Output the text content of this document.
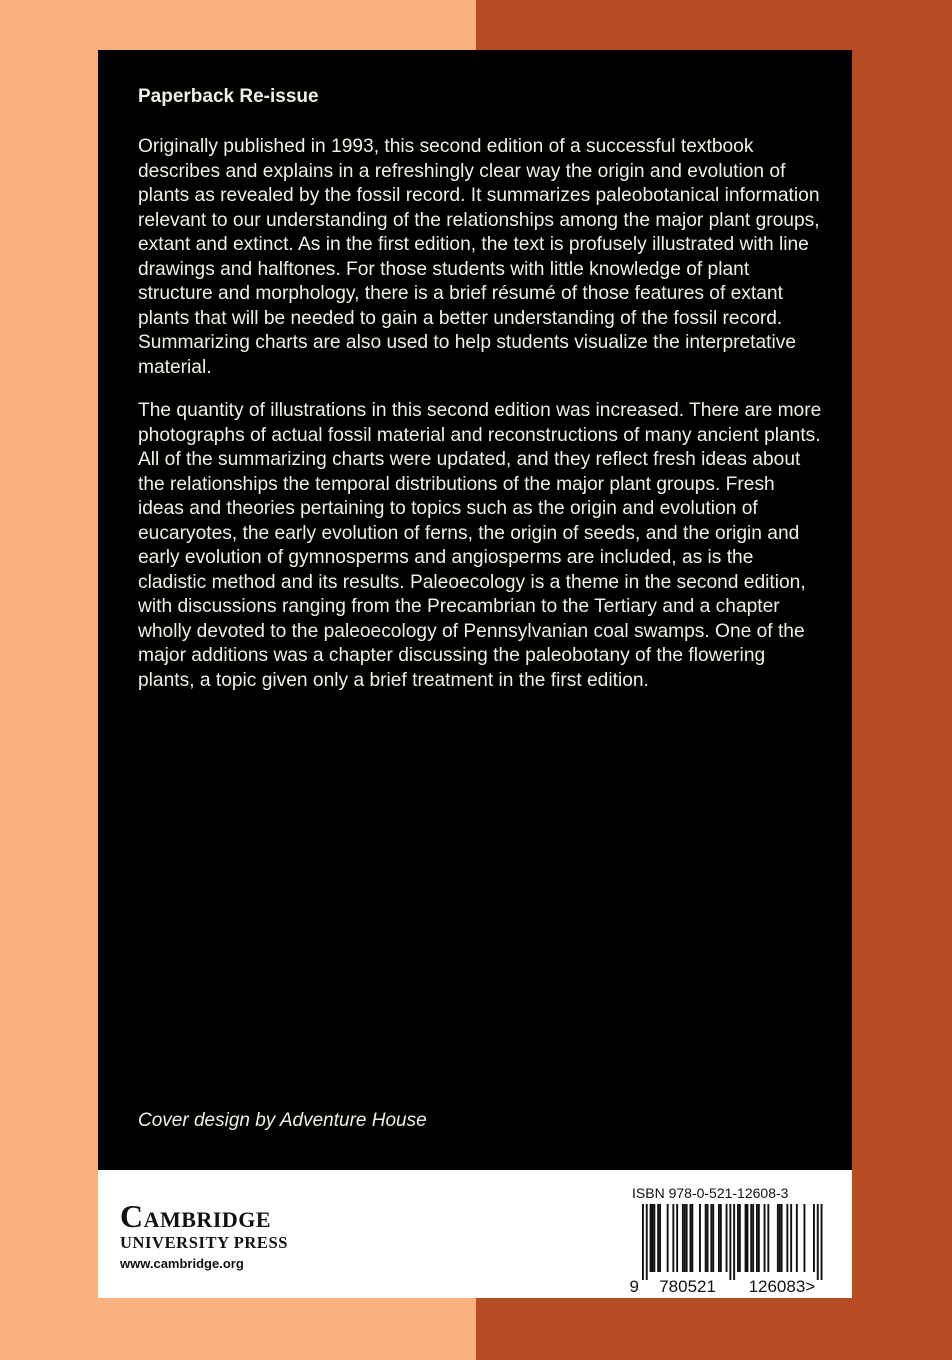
Paperback Re-issue

Originally published in 1993, this second edition of a successful textbook describes and explains in a refreshingly clear way the origin and evolution of plants as revealed by the fossil record. It summarizes paleobotanical information relevant to our understanding of the relationships among the major plant groups, extant and extinct. As in the first edition, the text is profusely illustrated with line drawings and halftones. For those students with little knowledge of plant structure and morphology, there is a brief résumé of those features of extant plants that will be needed to gain a better understanding of the fossil record. Summarizing charts are also used to help students visualize the interpretative material.

The quantity of illustrations in this second edition was increased. There are more photographs of actual fossil material and reconstructions of many ancient plants. All of the summarizing charts were updated, and they reflect fresh ideas about the relationships the temporal distributions of the major plant groups. Fresh ideas and theories pertaining to topics such as the origin and evolution of eucaryotes, the early evolution of ferns, the origin of seeds, and the origin and early evolution of gymnosperms and angiosperms are included, as is the cladistic method and its results. Paleoecology is a theme in the second edition, with discussions ranging from the Precambrian to the Tertiary and a chapter wholly devoted to the paleoecology of Pennsylvanian coal swamps. One of the major additions was a chapter discussing the paleobotany of the flowering plants, a topic given only a brief treatment in the first edition.

Cover design by Adventure House

Cambridge
UNIVERSITY PRESS
www.cambridge.org
ISBN 978-0-521-12608-3
9 780521 126083>
